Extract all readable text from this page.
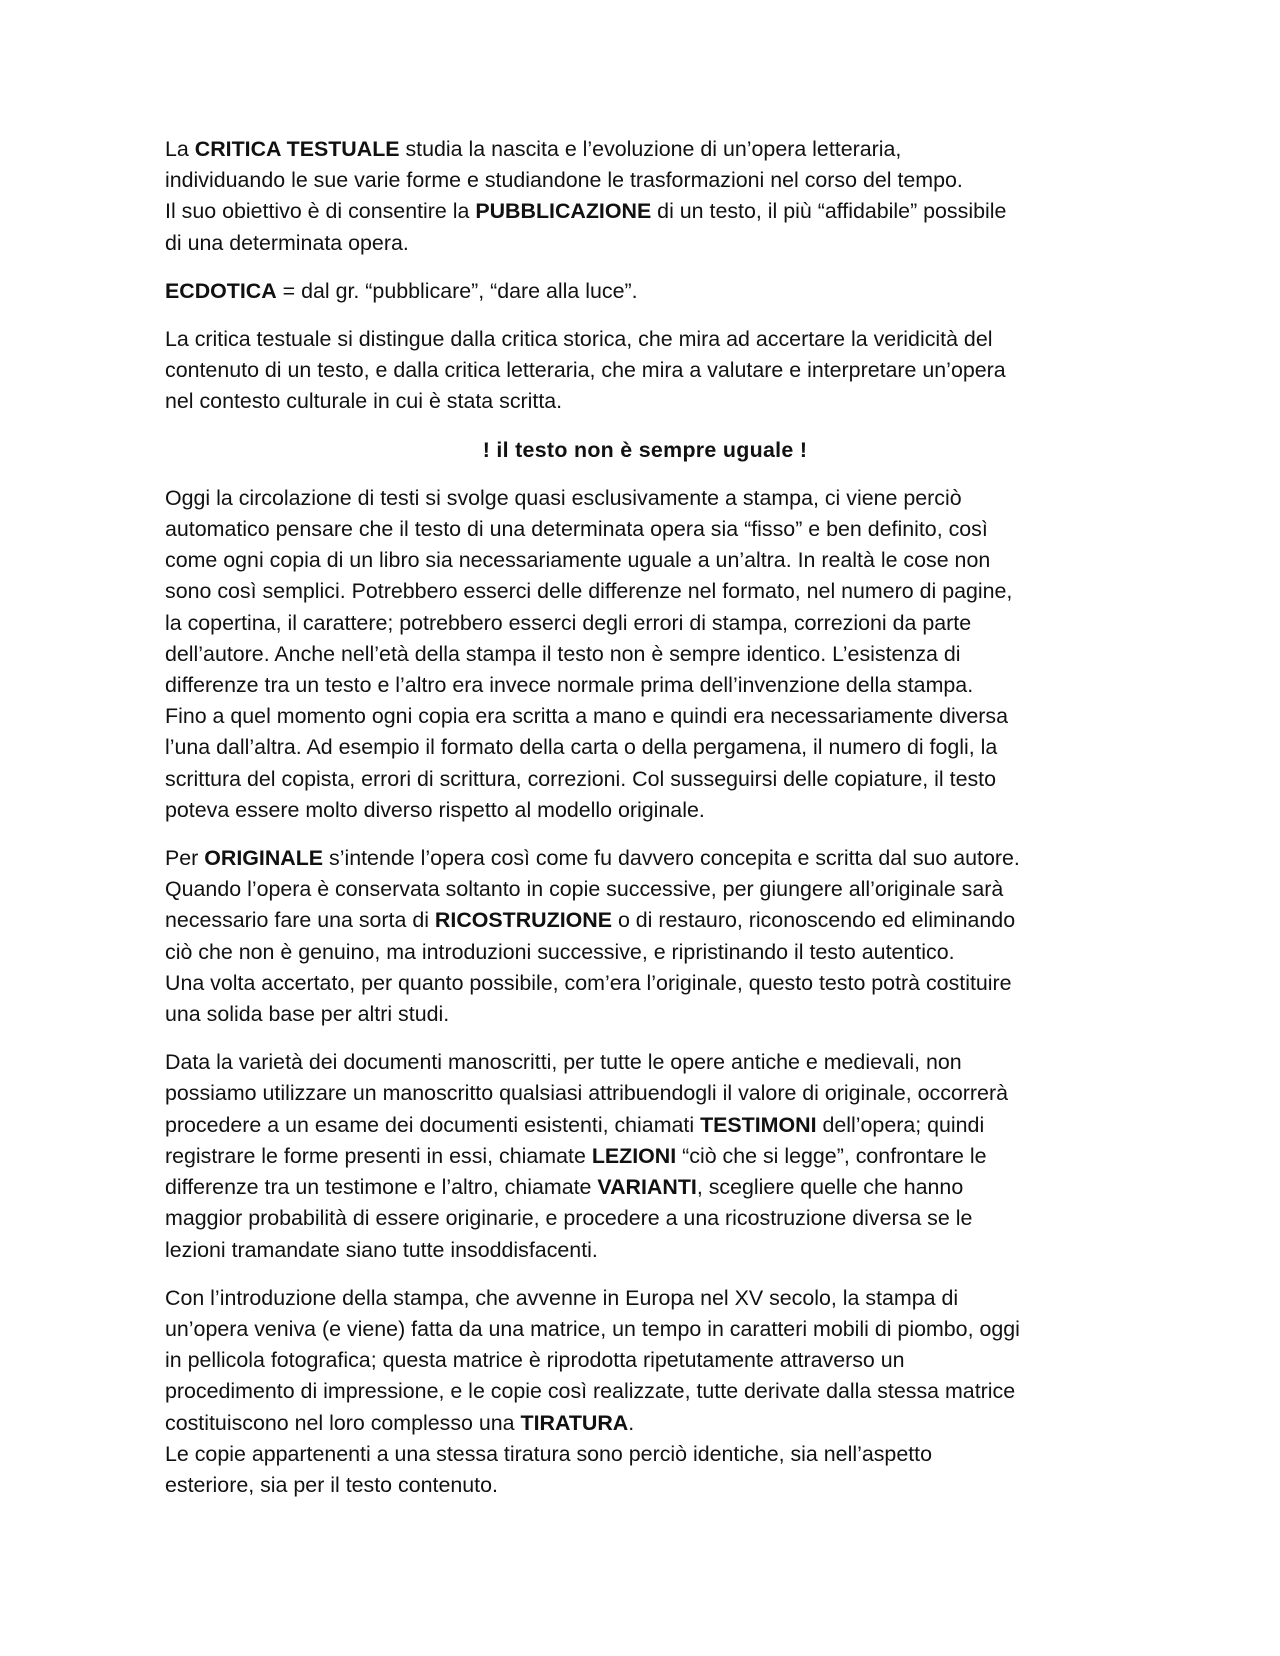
La CRITICA TESTUALE studia la nascita e l’evoluzione di un’opera letteraria,
individuando le sue varie forme e studiandone le trasformazioni nel corso del tempo.
Il suo obiettivo è di consentire la PUBBLICAZIONE di un testo, il più “affidabile” possibile
di una determinata opera.

ECDOTICA = dal gr. “pubblicare”, “dare alla luce”.

La critica testuale si distingue dalla critica storica, che mira ad accertare la veridicità del
contenuto di un testo, e dalla critica letteraria, che mira a valutare e interpretare un’opera
nel contesto culturale in cui è stata scritta.

! il testo non è sempre uguale !

Oggi la circolazione di testi si svolge quasi esclusivamente a stampa, ci viene perciò
automatico pensare che il testo di una determinata opera sia “fisso” e ben definito, così
come ogni copia di un libro sia necessariamente uguale a un’altra. In realtà le cose non
sono così semplici. Potrebbero esserci delle differenze nel formato, nel numero di pagine,
la copertina, il carattere; potrebbero esserci degli errori di stampa, correzioni da parte
dell’autore. Anche nell’età della stampa il testo non è sempre identico. L’esistenza di
differenze tra un testo e l’altro era invece normale prima dell’invenzione della stampa.
Fino a quel momento ogni copia era scritta a mano e quindi era necessariamente diversa
l’una dall’altra. Ad esempio il formato della carta o della pergamena, il numero di fogli, la
scrittura del copista, errori di scrittura, correzioni. Col susseguirsi delle copiature, il testo
poteva essere molto diverso rispetto al modello originale.

Per ORIGINALE s’intende l’opera così come fu davvero concepita e scritta dal suo autore.
Quando l’opera è conservata soltanto in copie successive, per giungere all’originale sarà
necessario fare una sorta di RICOSTRUZIONE o di restauro, riconoscendo ed eliminando
ciò che non è genuino, ma introduzioni successive, e ripristinando il testo autentico.
Una volta accertato, per quanto possibile, com’era l’originale, questo testo potrà costituire
una solida base per altri studi.

Data la varietà dei documenti manoscritti, per tutte le opere antiche e medievali, non
possiamo utilizzare un manoscritto qualsiasi attribuendogli il valore di originale, occorrerà
procedere a un esame dei documenti esistenti, chiamati TESTIMONI dell’opera; quindi
registrare le forme presenti in essi, chiamate LEZIONI “ciò che si legge”, confrontare le
differenze tra un testimone e l’altro, chiamate VARIANTI, scegliere quelle che hanno
maggior probabilità di essere originarie, e procedere a una ricostruzione diversa se le
lezioni tramandate siano tutte insoddisfacenti.

Con l’introduzione della stampa, che avvenne in Europa nel XV secolo, la stampa di
un’opera veniva (e viene) fatta da una matrice, un tempo in caratteri mobili di piombo, oggi
in pellicola fotografica; questa matrice è riprodotta ripetutamente attraverso un
procedimento di impressione, e le copie così realizzate, tutte derivate dalla stessa matrice
costituiscono nel loro complesso una TIRATURA.
Le copie appartenenti a una stessa tiratura sono perciò identiche, sia nell’aspetto
esteriore, sia per il testo contenuto.
